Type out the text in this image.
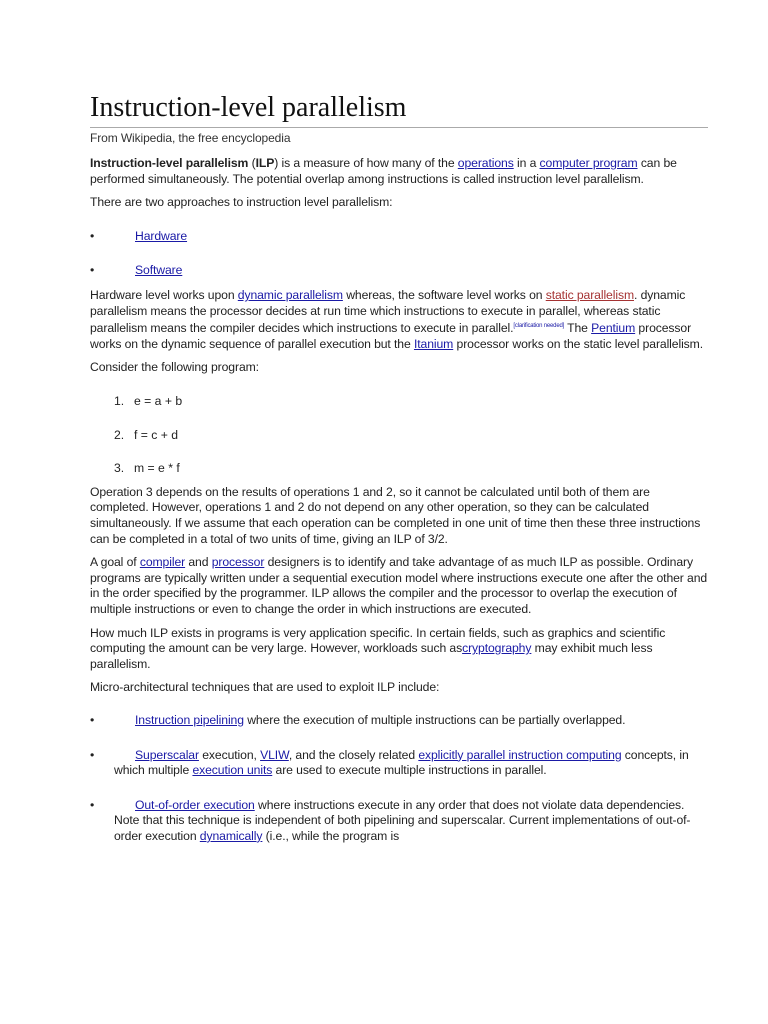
Instruction-level parallelism
From Wikipedia, the free encyclopedia

Instruction-level parallelism (ILP) is a measure of how many of the operations in a computer program can be performed simultaneously. The potential overlap among instructions is called instruction level parallelism.

There are two approaches to instruction level parallelism:

•	Hardware
•	Software

Hardware level works upon dynamic parallelism whereas, the software level works on static parallelism. dynamic parallelism means the processor decides at run time which instructions to execute in parallel, whereas static parallelism means the compiler decides which instructions to execute in parallel.[clarification needed] The Pentium processor works on the dynamic sequence of parallel execution but the Itanium processor works on the static level parallelism.

Consider the following program:

1. e = a + b
2. f = c + d
3. m = e * f

Operation 3 depends on the results of operations 1 and 2, so it cannot be calculated until both of them are completed. However, operations 1 and 2 do not depend on any other operation, so they can be calculated simultaneously. If we assume that each operation can be completed in one unit of time then these three instructions can be completed in a total of two units of time, giving an ILP of 3/2.

A goal of compiler and processor designers is to identify and take advantage of as much ILP as possible. Ordinary programs are typically written under a sequential execution model where instructions execute one after the other and in the order specified by the programmer. ILP allows the compiler and the processor to overlap the execution of multiple instructions or even to change the order in which instructions are executed.

How much ILP exists in programs is very application specific. In certain fields, such as graphics and scientific computing the amount can be very large. However, workloads such ascryptography may exhibit much less parallelism.

Micro-architectural techniques that are used to exploit ILP include:

•	Instruction pipelining where the execution of multiple instructions can be partially overlapped.
•	Superscalar execution, VLIW, and the closely related explicitly parallel instruction computing concepts, in which multiple execution units are used to execute multiple instructions in parallel.
•	Out-of-order execution where instructions execute in any order that does not violate data dependencies. Note that this technique is independent of both pipelining and superscalar. Current implementations of out-of-order execution dynamically (i.e., while the program is
